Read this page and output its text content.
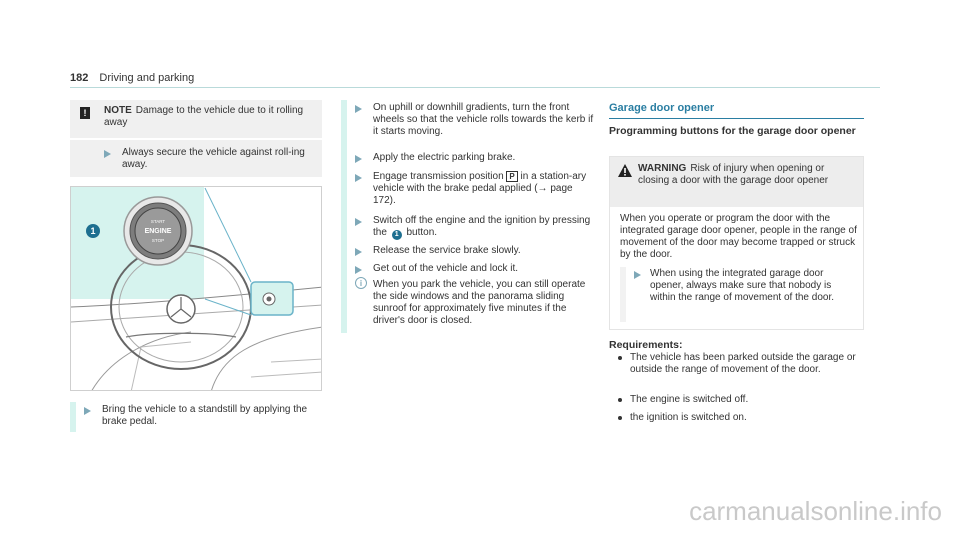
182 Driving and parking
!	NOTE Damage to the vehicle due to it rolling away
Always secure the vehicle against roll-ing away.
START
ENGINE
STOP
1
Bring the vehicle to a standstill by applying the brake pedal.
On uphill or downhill gradients, turn the front wheels so that the vehicle rolls towards the kerb if it starts moving.
Apply the electric parking brake.
Engage transmission position P in a station-ary vehicle with the brake pedal applied (→ page 172).
Switch off the engine and the ignition by pressing the 1 button.
Release the service brake slowly.
Get out of the vehicle and lock it.
i	When you park the vehicle, you can still operate the side windows and the panorama sliding sunroof for approximately five minutes if the driver's door is closed.
Garage door opener
Programming buttons for the garage door opener
WARNING Risk of injury when opening or closing a door with the garage door opener
When you operate or program the door with the integrated garage door opener, people in the range of movement of the door may become trapped or struck by the door.
When using the integrated garage door opener, always make sure that nobody is within the range of movement of the door.
Requirements:
The vehicle has been parked outside the garage or outside the range of movement of the door.
The engine is switched off.
the ignition is switched on.
carmanualsonline.info
